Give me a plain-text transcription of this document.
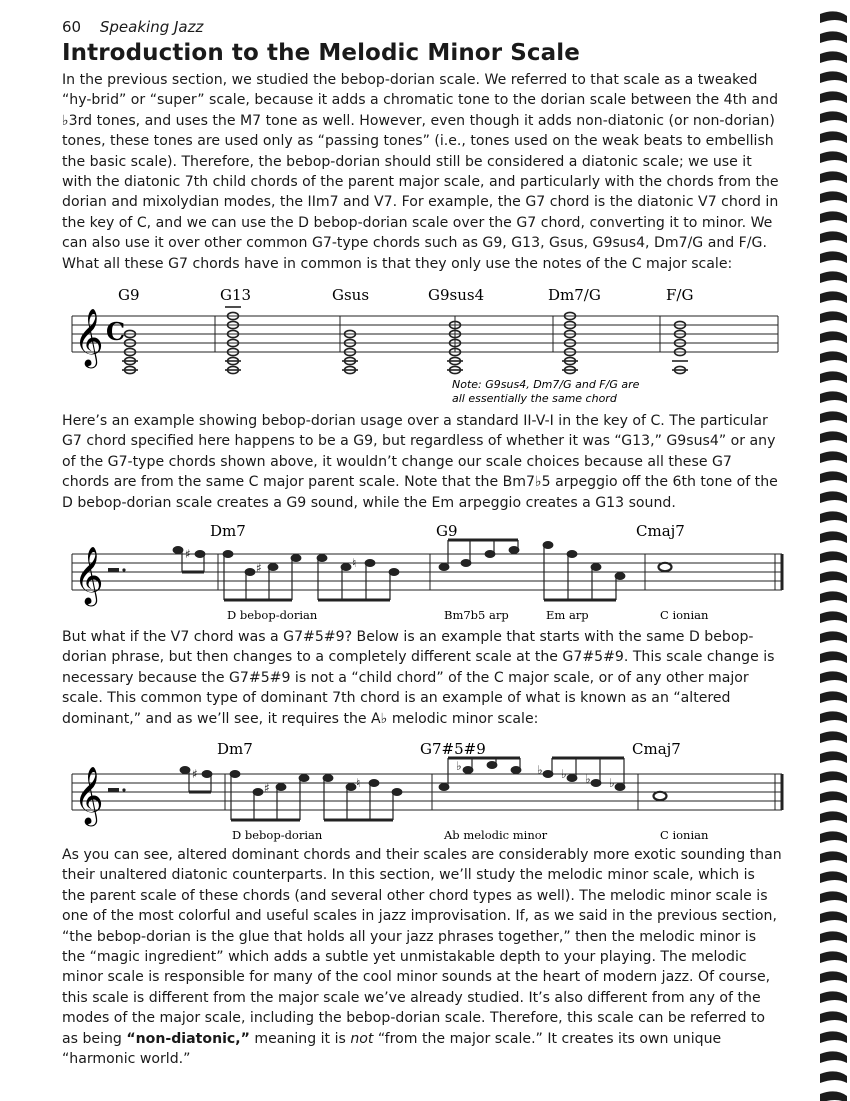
60 Speaking Jazz
Introduction to the Melodic Minor Scale

In the previous section, we studied the bebop-dorian scale. We referred to that scale as a tweaked “hy-brid” or “super” scale, because it adds a chromatic tone to the dorian scale between the 4th and ♭3rd tones, and uses the M7 tone as well. However, even though it adds non-diatonic (or non-dorian) tones, these tones are used only as “passing tones” (i.e., tones used on the weak beats to embellish the basic scale). Therefore, the bebop-dorian should still be considered a diatonic scale; we use it with the diatonic 7th child chords of the parent major scale, and particularly with the chords from the dorian and mixolydian modes, the IIm7 and V7. For example, the G7 chord is the diatonic V7 chord in the key of C, and we can use the D bebop-dorian scale over the G7 chord, converting it to minor. We can also use it over other common G7-type chords such as G9, G13, Gsus, G9sus4, Dm7/G and F/G. What all these G7 chords have in common is that they only use the notes of the C major scale:

𝄞 C
G9	G13	Gsus	G9sus4	Dm7/G	F/G
Note: G9sus4, Dm7/G and F/G are
all essentially the same chord

Here’s an example showing bebop-dorian usage over a standard II-V-I in the key of C. The particular G7 chord specified here happens to be a G9, but regardless of whether it was “G13,” G9sus4” or any of the G7-type chords shown above, it wouldn’t change our scale choices because all these G7 chords are from the same C major parent scale. Note that the Bm7♭5 arpeggio off the 6th tone of the D bebop-dorian scale creates a G9 sound, while the Em arpeggio creates a G13 sound.

𝄞	♯
♯	♮
Dm7	G9	Cmaj7
D bebop-dorian	Bm7b5 arp	Em arp	C ionian

But what if the V7 chord was a G7#5#9? Below is an example that starts with the same D bebop-dorian phrase, but then changes to a completely different scale at the G7#5#9. This scale change is necessary because the G7#5#9 is not a “child chord” of the C major scale, or of any other major scale. This common type of dominant 7th chord is an example of what is known as an “altered dominant,” and as we’ll see, it requires the A♭ melodic minor scale:

𝄞	♯
♯	♮
♭	♭ ♭ ♭ ♭
Dm7	G7#5#9	Cmaj7
D bebop-dorian	Ab melodic minor	C ionian

As you can see, altered dominant chords and their scales are considerably more exotic sounding than their unaltered diatonic counterparts. In this section, we’ll study the melodic minor scale, which is the parent scale of these chords (and several other chord types as well). The melodic minor scale is one of the most colorful and useful scales in jazz improvisation. If, as we said in the previous section, “the bebop-dorian is the glue that holds all your jazz phrases together,” then the melodic minor is the “magic ingredient” which adds a subtle yet unmistakable depth to your playing. The melodic minor scale is responsible for many of the cool minor sounds at the heart of modern jazz. Of course, this scale is different from the major scale we’ve already studied. It’s also different from any of the modes of the major scale, including the bebop-dorian scale. Therefore, this scale can be referred to as being “non-diatonic,” meaning it is not “from the major scale.” It creates its own unique “harmonic world.”
